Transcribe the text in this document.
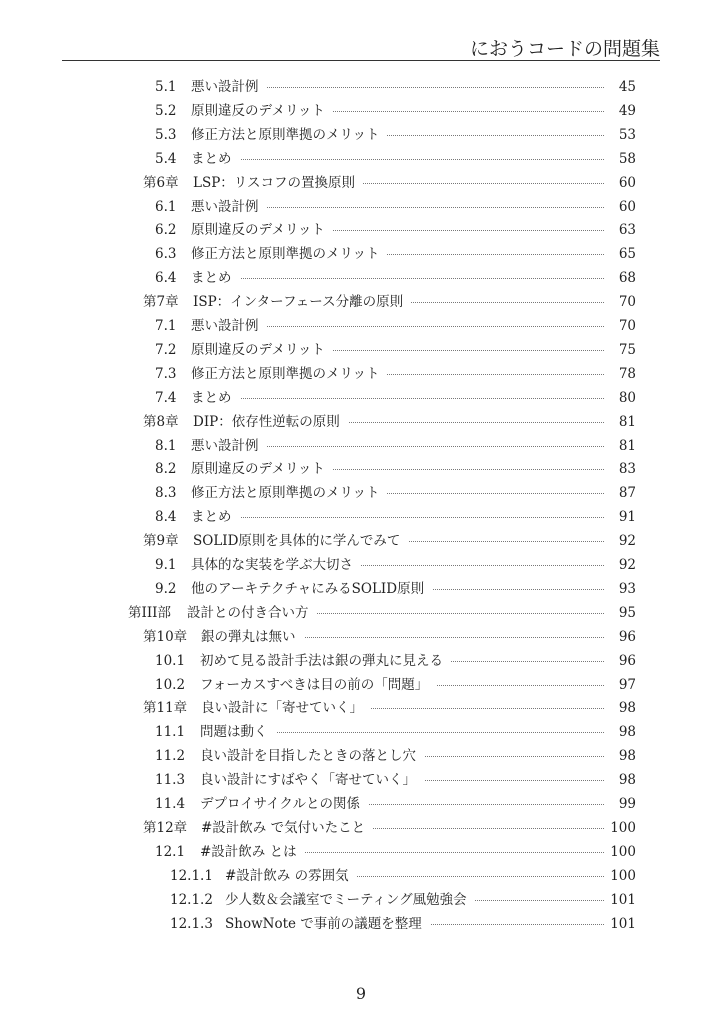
におうコードの問題集
5.1 悪い設計例	45
5.2 原則違反のデメリット	49
5.3 修正方法と原則準拠のメリット	53
5.4 まとめ	58
第6章 LSP：リスコフの置換原則	60
6.1 悪い設計例	60
6.2 原則違反のデメリット	63
6.3 修正方法と原則準拠のメリット	65
6.4 まとめ	68
第7章 ISP：インターフェース分離の原則	70
7.1 悪い設計例	70
7.2 原則違反のデメリット	75
7.3 修正方法と原則準拠のメリット	78
7.4 まとめ	80
第8章 DIP：依存性逆転の原則	81
8.1 悪い設計例	81
8.2 原則違反のデメリット	83
8.3 修正方法と原則準拠のメリット	87
8.4 まとめ	91
第9章 SOLID原則を具体的に学んでみて	92
9.1 具体的な実装を学ぶ大切さ	92
9.2 他のアーキテクチャにみるSOLID原則	93
第III部 設計との付き合い方	95
第10章 銀の弾丸は無い	96
10.1 初めて見る設計手法は銀の弾丸に見える	96
10.2 フォーカスすべきは目の前の「問題」	97
第11章 良い設計に「寄せていく」	98
11.1 問題は動く	98
11.2 良い設計を目指したときの落とし穴	98
11.3 良い設計にすばやく「寄せていく」	98
11.4 デプロイサイクルとの関係	99
第12章 #設計飲み で気付いたこと	100
12.1 #設計飲み とは	100
12.1.1 #設計飲み の雰囲気	100
12.1.2 少人数＆会議室でミーティング風勉強会	101
12.1.3 ShowNote で事前の議題を整理	101
9
